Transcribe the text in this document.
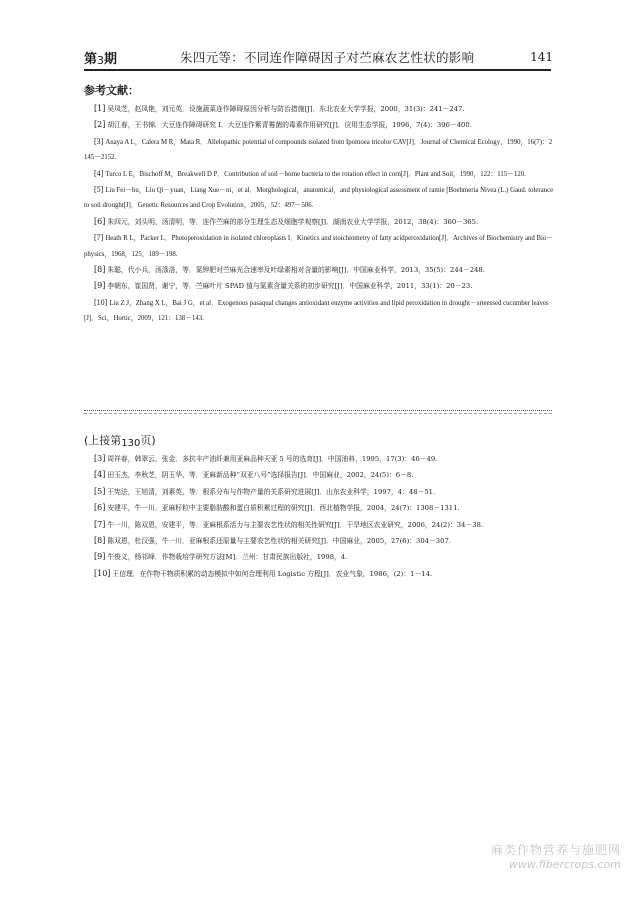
第3期	朱四元等：不同连作障碍因子对苎麻农艺性状的影响	141
参考文献：

[1] 吴凤芝，赵凤艳，刘元英．设施蔬菜连作障碍原因分析与防治措施[J]．东北农业大学学报，2000，31(3)：241－247.

[2] 胡江春，王书锦．大豆连作障碍研究 I．大豆连作紫青霉菌的毒素作用研究[J]．应用生态学报，1996，7(4)：396－400.

[3] Anaya A L，Calera M R，Mata R．Allelopathic potential of compounds isolated from Ipomoea tricolor CAV[J]．Journal of Chemical Ecology，1990，16(7)：2145－2152.

[4] Turco L E，Bischoff M，Breakwell D P．Contribution of soil－borne bacteria to the rotation effect in corn[J]．Plant and Soil，1990，122：115－120.

[5] Liu Fei－hu，Liu Qi－yuan，Liang Xue－ni，et al．Morghological，anatomical，and physiological assessment of ramie [Boehmeria Nivea (L.) Gaud. tolerance to soil drought[J]．Genetic Resources and Crop Evolution，2005，52：497－506.

[6] 朱四元，刘头明，汤清明，等．连作苎麻的部分生理生态及细胞学观察[J]．湖南农业大学学报，2012，38(4)：360－365.

[7] Heath R L，Packer L．Photoperoxidation in isolated chloroplasts I．Kinetics and stoichiometry of fatty acidperoxidation[J]．Archives of Biochemistry and Bio－physics，1968，125，189－198.

[8] 朱聪，代小兵，汤涤洛，等．氮钾肥对苎麻光合速率及叶绿素相对含量的影响[J]．中国麻业科学，2013，35(5)：244－248.

[9] 李朝东，崔国贤，谢宁，等．苎麻叶片 SPAD 值与氮素含量关系的初步研究[J]．中国麻业科学，2011，33(1)：20－23.

[10] Liu Z J，Zhang X L，Bai J G，et al．Exogenous pasaqual changes antioxidant enzyme activities and lipid peroxidation in drought－srteessed cucumber leaves[J]．Sci，Hortic，2009，121：138－143.

(上接第130页)

[3] 周祥春，韩翠云，张金．多抗丰产油纤兼用亚麻品种天亚 5 号的选育[J]．中国油料，1995，17(3)：46－49.

[4] 田玉杰，李秋芝，阴玉华，等．亚麻新品种“双亚八号”选择报告[J]．中国麻业，2002，24(5)：6－8.

[5] 王宪法，王旭清，刘素英，等．根系分布与作物产量的关系研究进展[J]．山东农业科学，1997，4：48－51.

[6] 安建平，牛一川．亚麻籽粒中主要脂肪酸和蛋白质积累过程的研究[J]．西北植物学报，2004，24(7)：1308－1311.

[7] 牛一川，陈双恩，安建平，等．亚麻根系活力与主要农艺性状的相关性研究[J]．干旱地区农业研究，2006，24(2)：34－38.

[8] 陈双恩，杜汉强，牛一川．亚麻根系还原量与主要农艺性状的相关研究[J]．中国麻业，2005，27(6)：304－307.

[9] 牛俊义，杨祁峰．作物栽培学研究方法[M]．兰州：甘肃民族出版社，1998，4.

[10] 王信理．在作物干物质积累的动态模拟中如何合理利用 Logistic 方程[J]．农业气象，1986，(2)：1－14.

麻类作物营养与施肥网
www.fibercrops.com
